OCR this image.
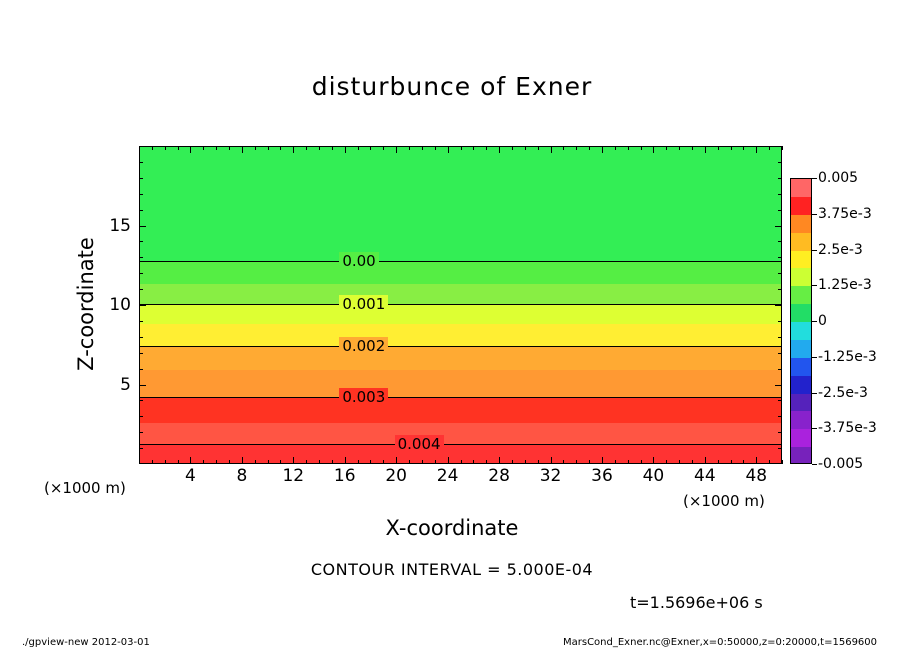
disturbunce of Exner
0.004
0.003
0.002
0.001
0.00
4 8 12 16 20 24 28 32 36 40 44 48
5
10
15
Z-coordinate
X-coordinate
(×1000 m)
(×1000 m)
0.005
3.75e-3
2.5e-3
1.25e-3
0
-1.25e-3
-2.5e-3
-3.75e-3
-0.005
CONTOUR INTERVAL = 5.000E-04
t=1.5696e+06 s
./gpview-new 2012-03-01	MarsCond_Exner.nc@Exner,x=0:50000,z=0:20000,t=1569600
